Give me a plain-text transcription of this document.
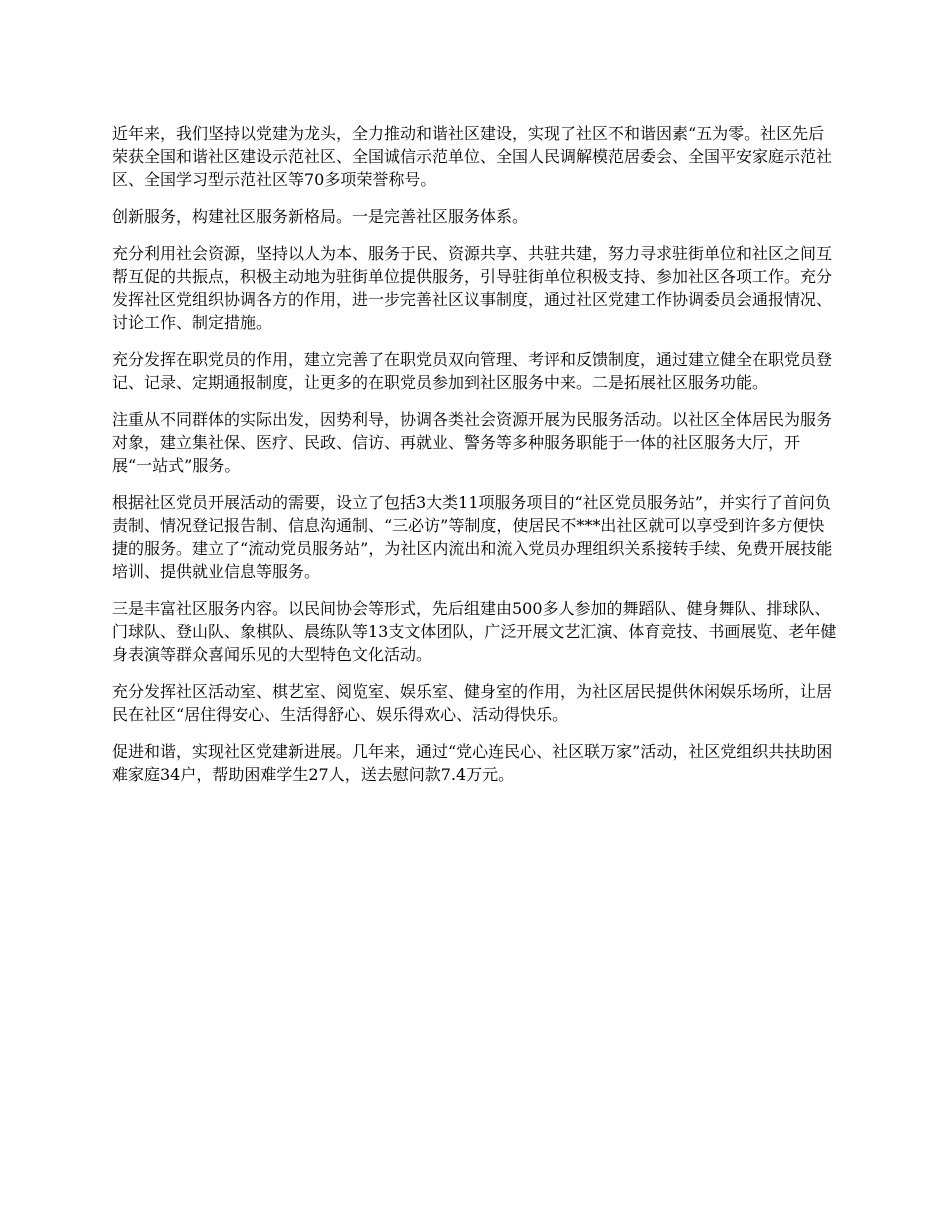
近年来，我们坚持以党建为龙头，全力推动和谐社区建设，实现了社区不和谐因素“五为零。社区先后荣获全国和谐社区建设示范社区、全国诚信示范单位、全国人民调解模范居委会、全国平安家庭示范社区、全国学习型示范社区等70多项荣誉称号。

创新服务，构建社区服务新格局。一是完善社区服务体系。

充分利用社会资源，坚持以人为本、服务于民、资源共享、共驻共建，努力寻求驻街单位和社区之间互帮互促的共振点，积极主动地为驻街单位提供服务，引导驻街单位积极支持、参加社区各项工作。充分发挥社区党组织协调各方的作用，进一步完善社区议事制度，通过社区党建工作协调委员会通报情况、讨论工作、制定措施。

充分发挥在职党员的作用，建立完善了在职党员双向管理、考评和反馈制度，通过建立健全在职党员登记、记录、定期通报制度，让更多的在职党员参加到社区服务中来。二是拓展社区服务功能。

注重从不同群体的实际出发，因势利导，协调各类社会资源开展为民服务活动。以社区全体居民为服务对象，建立集社保、医疗、民政、信访、再就业、警务等多种服务职能于一体的社区服务大厅，开展“一站式”服务。

根据社区党员开展活动的需要，设立了包括3大类11项服务项目的“社区党员服务站”，并实行了首问负责制、情况登记报告制、信息沟通制、“三必访”等制度，使居民不***出社区就可以享受到许多方便快捷的服务。建立了“流动党员服务站”，为社区内流出和流入党员办理组织关系接转手续、免费开展技能培训、提供就业信息等服务。

三是丰富社区服务内容。以民间协会等形式，先后组建由500多人参加的舞蹈队、健身舞队、排球队、门球队、登山队、象棋队、晨练队等13支文体团队，广泛开展文艺汇演、体育竞技、书画展览、老年健身表演等群众喜闻乐见的大型特色文化活动。

充分发挥社区活动室、棋艺室、阅览室、娱乐室、健身室的作用，为社区居民提供休闲娱乐场所，让居民在社区“居住得安心、生活得舒心、娱乐得欢心、活动得快乐。

促进和谐，实现社区党建新进展。几年来，通过“党心连民心、社区联万家”活动，社区党组织共扶助困难家庭34户，帮助困难学生27人，送去慰问款7.4万元。
